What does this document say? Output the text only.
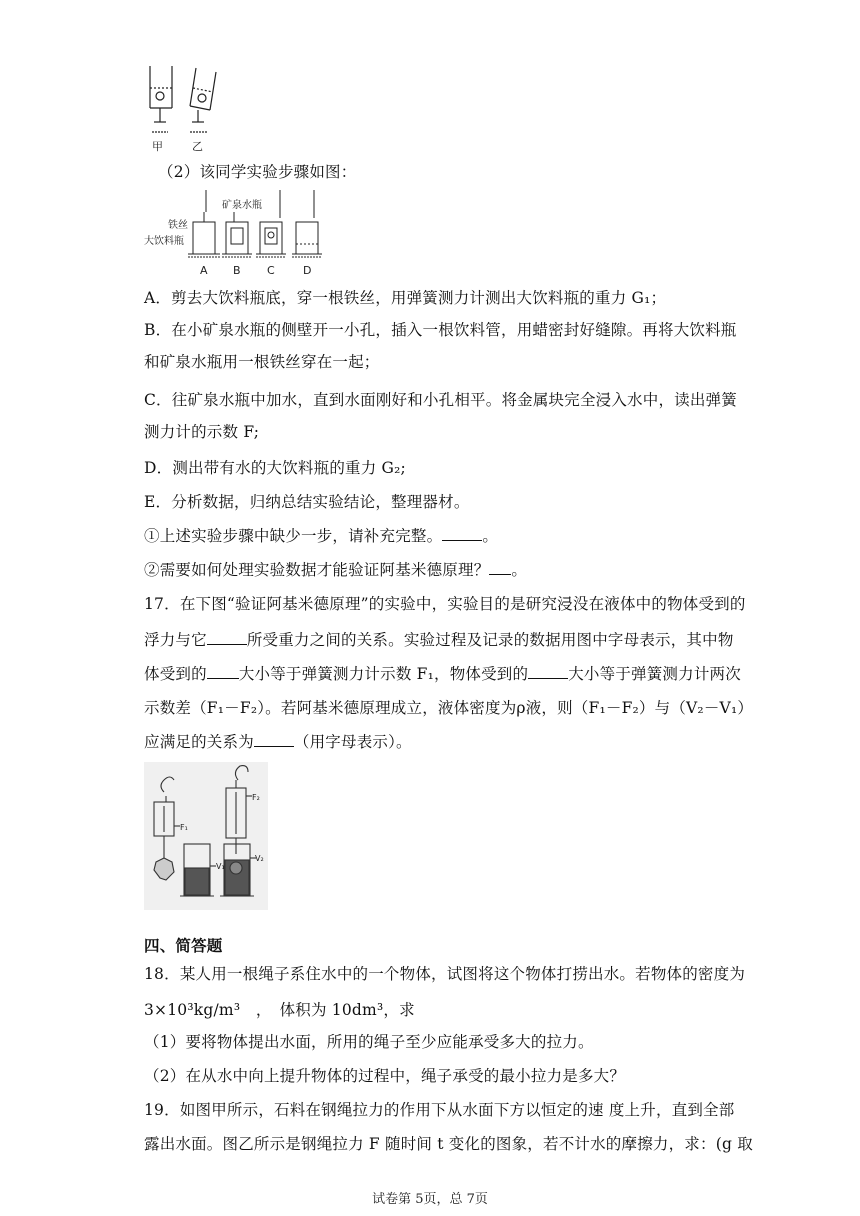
甲	乙
（2）该同学实验步骤如图：
铁丝
大饮料瓶
矿泉水瓶
A B C	D
A．剪去大饮料瓶底，穿一根铁丝，用弹簧测力计测出大饮料瓶的重力 G₁；
B．在小矿泉水瓶的侧壁开一小孔，插入一根饮料管，用蜡密封好缝隙。再将大饮料瓶
和矿泉水瓶用一根铁丝穿在一起；
C．往矿泉水瓶中加水，直到水面刚好和小孔相平。将金属块完全浸入水中，读出弹簧
测力计的示数 F;
D．测出带有水的大饮料瓶的重力 G₂;
E．分析数据，归纳总结实验结论，整理器材。
①上述实验步骤中缺少一步，请补充完整。	。
②需要如何处理实验数据才能验证阿基米德原理？ 。
17．在下图“验证阿基米德原理”的实验中，实验目的是研究浸没在液体中的物体受到的
浮力与它	所受重力之间的关系。实验过程及记录的数据用图中字母表示，其中物
体受到的 大小等于弹簧测力计示数 F₁，物体受到的	大小等于弹簧测力计两次
示数差（F₁－F₂）。若阿基米德原理成立，液体密度为ρ液，则（F₁－F₂）与（V₂－V₁）
应满足的关系为	（用字母表示）。
F₁
F₂
V₁
V₂
四、简答题
18．某人用一根绳子系住水中的一个物体，试图将这个物体打捞出水。若物体的密度为
3×10³kg/m³　，　体积为 10dm³，求
（1）要将物体提出水面，所用的绳子至少应能承受多大的拉力。
（2）在从水中向上提升物体的过程中，绳子承受的最小拉力是多大？
19．如图甲所示，石料在钢绳拉力的作用下从水面下方以恒定的速 度上升，直到全部
露出水面。图乙所示是钢绳拉力 F 随时间 t 变化的图象，若不计水的摩擦力，求：(g 取
试卷第 5页，总 7页
